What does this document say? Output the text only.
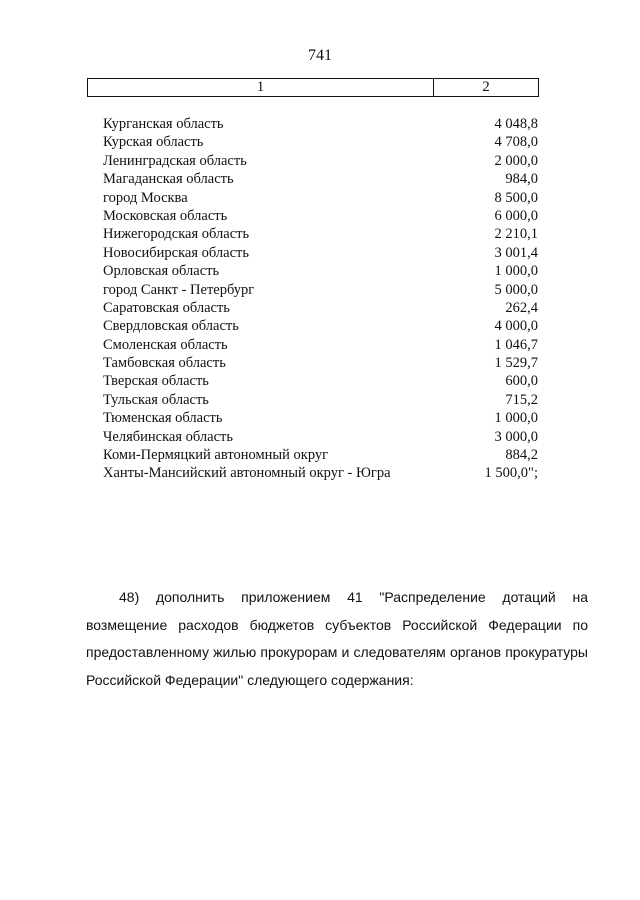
741
1	2
Курганская область	4 048,8
Курская область	4 708,0
Ленинградская область	2 000,0
Магаданская область	984,0
город Москва	8 500,0
Московская область	6 000,0
Нижегородская область	2 210,1
Новосибирская область	3 001,4
Орловская область	1 000,0
город Санкт - Петербург	5 000,0
Саратовская область	262,4
Свердловская область	4 000,0
Смоленская область	1 046,7
Тамбовская область	1 529,7
Тверская область	600,0
Тульская область	715,2
Тюменская область	1 000,0
Челябинская область	3 000,0
Коми-Пермяцкий автономный округ	884,2
Ханты-Мансийский автономный округ - Югра	1 500,0";

48) дополнить приложением 41 "Распределение дотаций на возмещение расходов бюджетов субъектов Российской Федерации по предоставленному жилью прокурорам и следователям органов прокуратуры Российской Федерации" следующего содержания:
